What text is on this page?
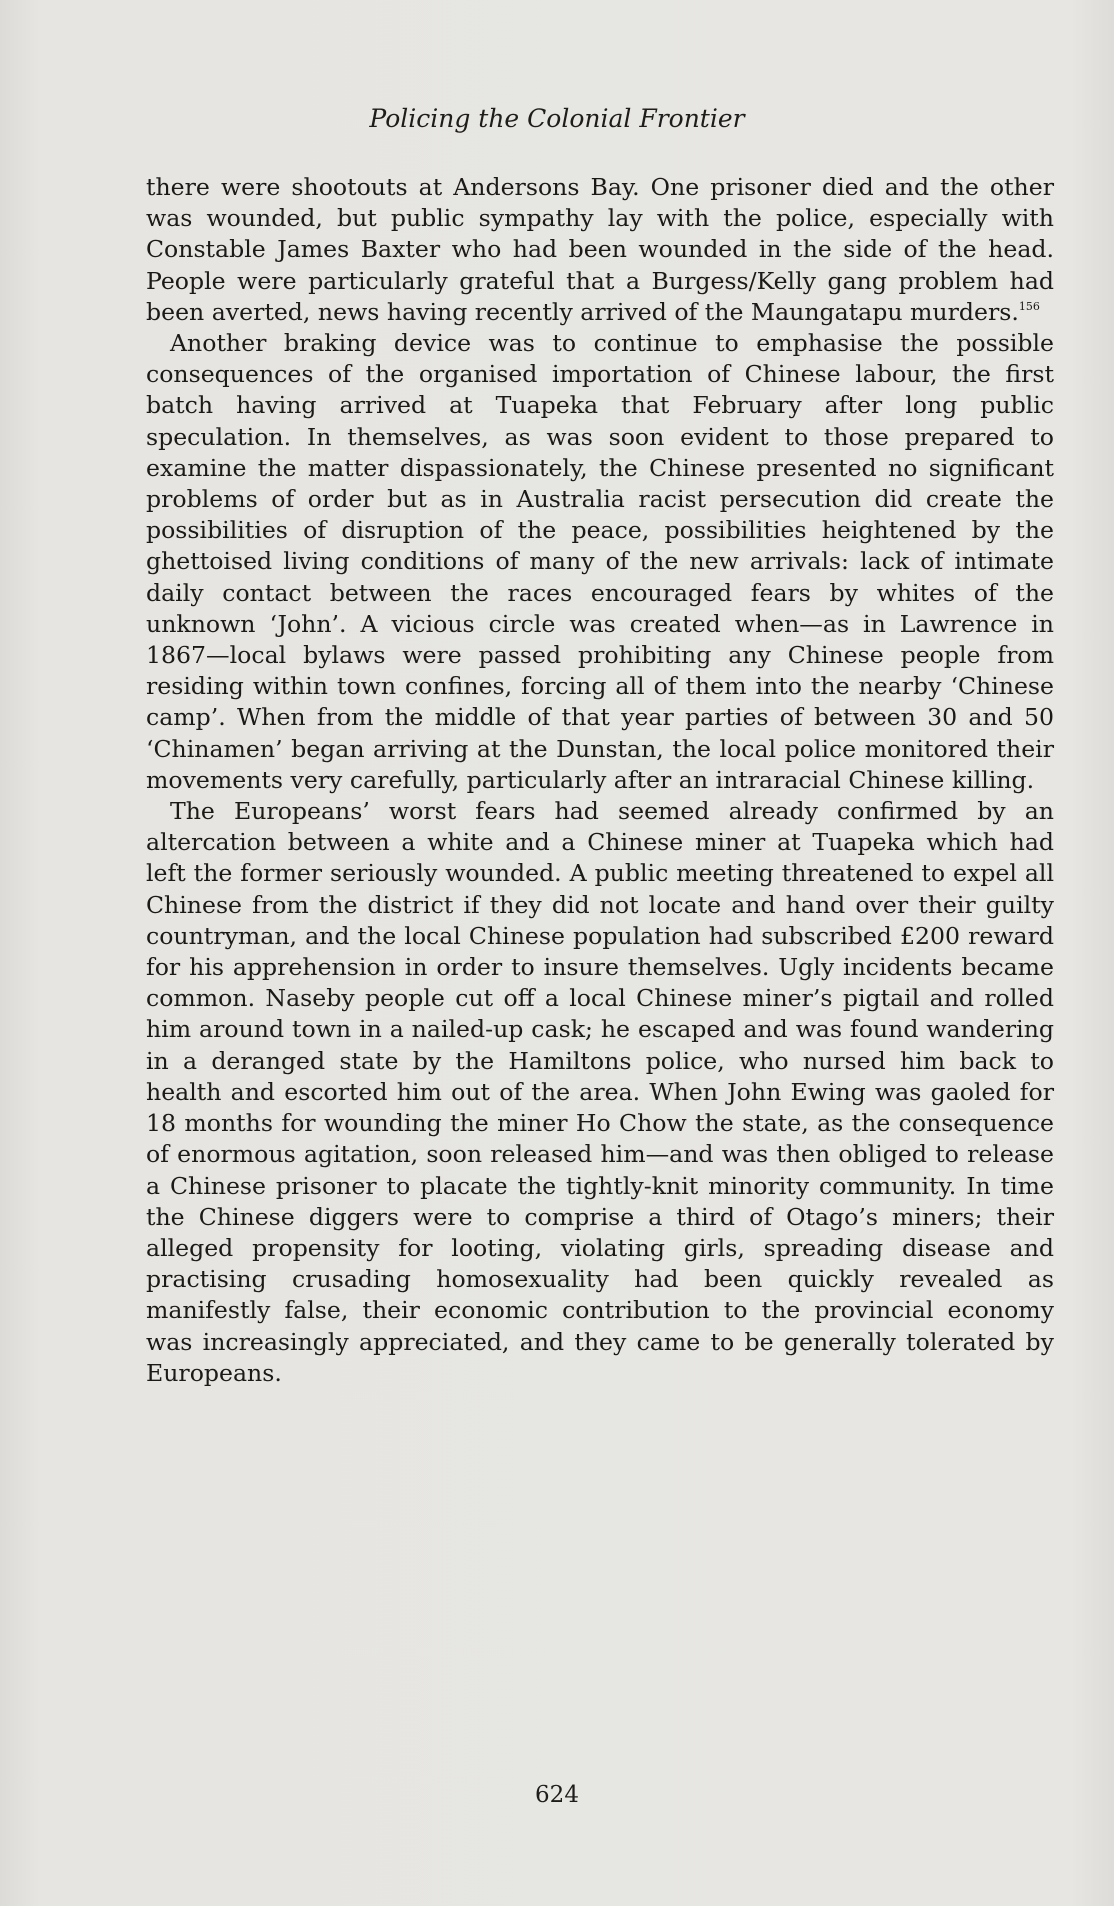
Policing the Colonial Frontier

there were shootouts at Andersons Bay. One prisoner died and the other was wounded, but public sympathy lay with the police, especially with Constable James Baxter who had been wounded in the side of the head. People were particularly grateful that a Burgess/Kelly gang problem had been averted, news having recently arrived of the Maungatapu murders.$^{156}$

Another braking device was to continue to emphasise the possible consequences of the organised importation of Chinese labour, the first batch having arrived at Tuapeka that February after long public speculation. In themselves, as was soon evident to those prepared to examine the matter dispassionately, the Chinese presented no significant problems of order but as in Australia racist persecution did create the possibilities of disruption of the peace, possibilities heightened by the ghettoised living conditions of many of the new arrivals: lack of intimate daily contact between the races encouraged fears by whites of the unknown ‘John’. A vicious circle was created when—as in Lawrence in 1867—local bylaws were passed prohibiting any Chinese people from residing within town confines, forcing all of them into the nearby ‘Chinese camp’. When from the middle of that year parties of between 30 and 50 ‘Chinamen’ began arriving at the Dunstan, the local police monitored their movements very carefully, particularly after an intraracial Chinese killing.

The Europeans’ worst fears had seemed already confirmed by an altercation between a white and a Chinese miner at Tuapeka which had left the former seriously wounded. A public meeting threatened to expel all Chinese from the district if they did not locate and hand over their guilty countryman, and the local Chinese population had subscribed £200 reward for his apprehension in order to insure themselves. Ugly incidents became common. Naseby people cut off a local Chinese miner’s pigtail and rolled him around town in a nailed-up cask; he escaped and was found wandering in a deranged state by the Hamiltons police, who nursed him back to health and escorted him out of the area. When John Ewing was gaoled for 18 months for wounding the miner Ho Chow the state, as the consequence of enormous agitation, soon released him—and was then obliged to release a Chinese prisoner to placate the tightly-knit minority community. In time the Chinese diggers were to comprise a third of Otago’s miners; their alleged propensity for looting, violating girls, spreading disease and practising crusading homosexuality had been quickly revealed as manifestly false, their economic contribution to the provincial economy was increasingly appreciated, and they came to be generally tolerated by Europeans.

624
